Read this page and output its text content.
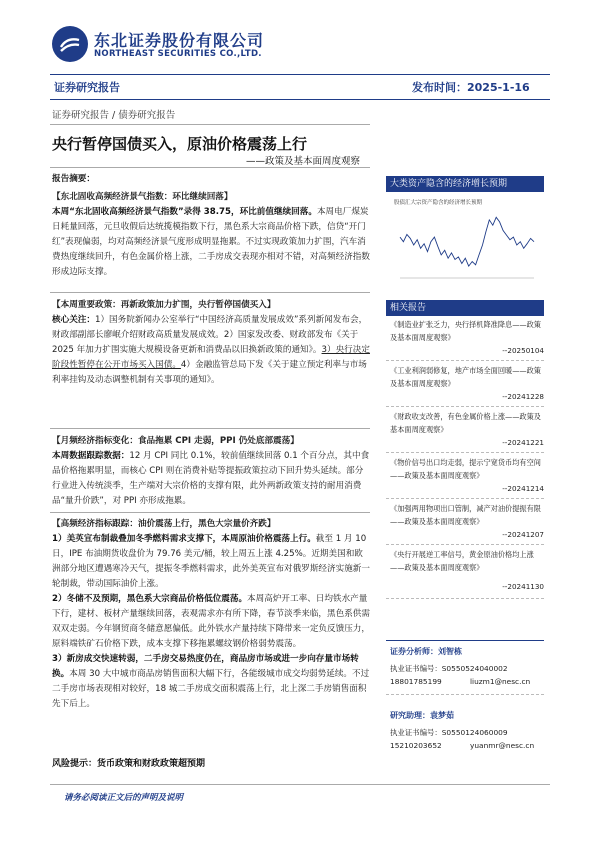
东北证券股份有限公司
NORTHEAST SECURITIES CO.,LTD.
证券研究报告	发布时间：2025-1-16
证券研究报告 / 债券研究报告
央行暂停国债买入，原油价格震荡上行
——政策及基本面周度观察
报告摘要：
【东北固收高频经济景气指数：环比继续回落】
本周“东北固收高频经济景气指数”录得 38.75，环比前值继续回落。本周电厂煤炭日耗量回落，元旦收假后达统揽模指数下行，黑色系大宗商品价格下跌，信贷“开门红”表现偏弱，均对高频经济景气度形成明显拖累。不过实现政策加力扩围，汽车消费热度继续回升，有色金属价格上涨，二手房成交表现亦相对不错，对高频经济指数形成边际支撑。
【本周重要政策：再新政策加力扩围，央行暂停国债买入】
核心关注：1）国务院新闻办公室举行“中国经济高质量发展成效”系列新闻发布会，财政部副部长廖岷介绍财政高质量发展成效。2）国家发改委、财政部发布《关于 2025 年加力扩围实施大规模设备更新和消费品以旧换新政策的通知》。3）央行决定阶段性暂停在公开市场买入国债。4）金融监管总局下发《关于建立预定利率与市场利率挂钩及动态调整机制有关事项的通知》。
【月频经济指标变化：食品拖累 CPI 走弱，PPI 仍处底部震荡】
本周数据跟踪数据：12 月 CPI 同比 0.1%，较前值继续回落 0.1 个百分点，其中食品价格拖累明显，而核心 CPI 则在消费补贴等提振政策拉动下回升势头延续。部分行业进入传统淡季，生产端对大宗价格的支撑有限，此外两新政策支持的耐用消费品“量升价跌”，对 PPI 亦形成拖累。
【高频经济指标跟踪：油价震荡上行，黑色大宗量价齐跌】
1）美英宣布制裁叠加冬季燃料需求支撑下，本周原油价格震荡上行。截至 1 月 10 日，IPE 布油期货收盘价为 79.76 美元/桶，较上周五上涨 4.25%。近期美国和欧洲部分地区遭遇寒冷天气，提振冬季燃料需求，此外美英宣布对俄罗斯经济实施新一轮制裁，带动国际油价上涨。
2）冬储不及预期，黑色系大宗商品价格低位震荡。本周高炉开工率、日均铁水产量下行，建材、板材产量继续回落，表观需求亦有所下降，春节淡季来临，黑色系供需双双走弱。今年钢贸商冬储意愿偏低。此外铁水产量持续下降带来一定负反馈压力，原料端铁矿石价格下跌，成本支撑下移拖累螺纹钢价格弱势震荡。
3）新房成交快速转弱，二手房交易热度仍在，商品房市场或进一步向存量市场转换。本周 30 大中城市商品房销售面积大幅下行，各能级城市成交均弱势延续。不过二手房市场表现相对较好，18 城二手房成交面积震荡上行，北上深二手房销售面积先下后上。
风险提示：货币政策和财政政策超预期
请务必阅读正文后的声明及说明
大类资产隐含的经济增长预期
股债汇大宗资产隐含的经济增长预期
相关报告
《制造业扩张乏力，央行择机降准降息——政策及基本面周度观察》
--20250104
《工业利润弱修复，地产市场全面回暖——政策及基本面周度观察》
--20241228
《财政收支改善，有色金属价格上涨——政策及基本面周度观察》
--20241221
《物价信号出口均走弱，提示宁宽货币均有空间——政策及基本面周度观察》
--20241214
《加强两用物项出口管制，减产对油价提振有限——政策及基本面周度观察》
--20241207
《央行开展逆工率信号，黄金原油价格均上涨——政策及基本面周度观察》
--20241130
证券分析师：刘智栋
执业证书编号：S0550524040002
18801785199	liuzm1@nesc.cn
研究助理：袁梦茹
执业证书编号：S0550124060009
15210203652	yuanmr@nesc.cn
